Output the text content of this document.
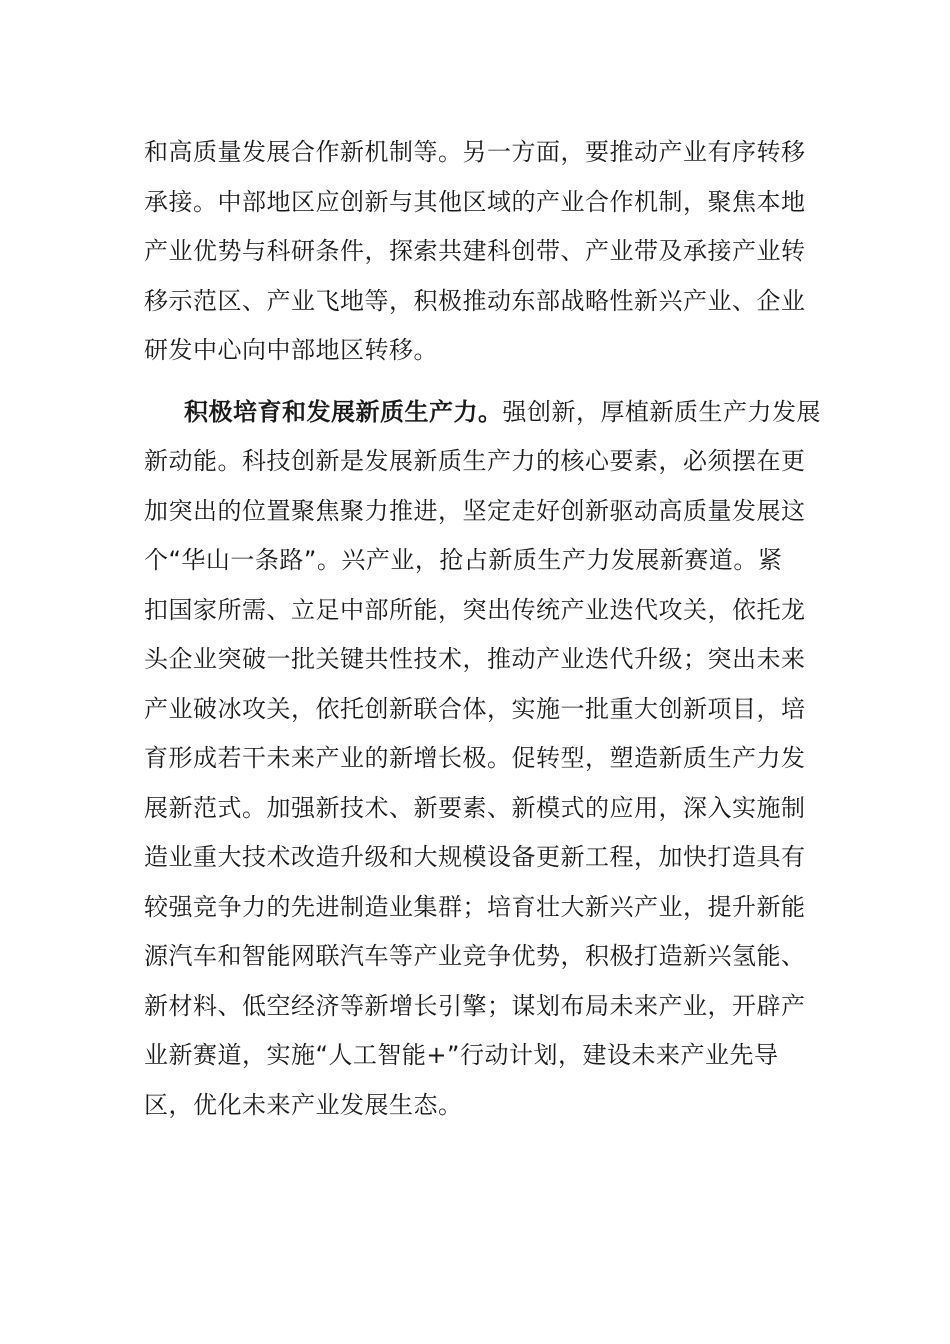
和高质量发展合作新机制等。另一方面，要推动产业有序转移
承接。中部地区应创新与其他区域的产业合作机制，聚焦本地
产业优势与科研条件，探索共建科创带、产业带及承接产业转
移示范区、产业飞地等，积极推动东部战略性新兴产业、企业
研发中心向中部地区转移。
积极培育和发展新质生产力。强创新，厚植新质生产力发展
新动能。科技创新是发展新质生产力的核心要素，必须摆在更
加突出的位置聚焦聚力推进，坚定走好创新驱动高质量发展这
个“华山一条路”。兴产业，抢占新质生产力发展新赛道。紧
扣国家所需、立足中部所能，突出传统产业迭代攻关，依托龙
头企业突破一批关键共性技术，推动产业迭代升级；突出未来
产业破冰攻关，依托创新联合体，实施一批重大创新项目，培
育形成若干未来产业的新增长极。促转型，塑造新质生产力发
展新范式。加强新技术、新要素、新模式的应用，深入实施制
造业重大技术改造升级和大规模设备更新工程，加快打造具有
较强竞争力的先进制造业集群；培育壮大新兴产业，提升新能
源汽车和智能网联汽车等产业竞争优势，积极打造新兴氢能、
新材料、低空经济等新增长引擎；谋划布局未来产业，开辟产
业新赛道，实施“人工智能+”行动计划，建设未来产业先导
区，优化未来产业发展生态。
